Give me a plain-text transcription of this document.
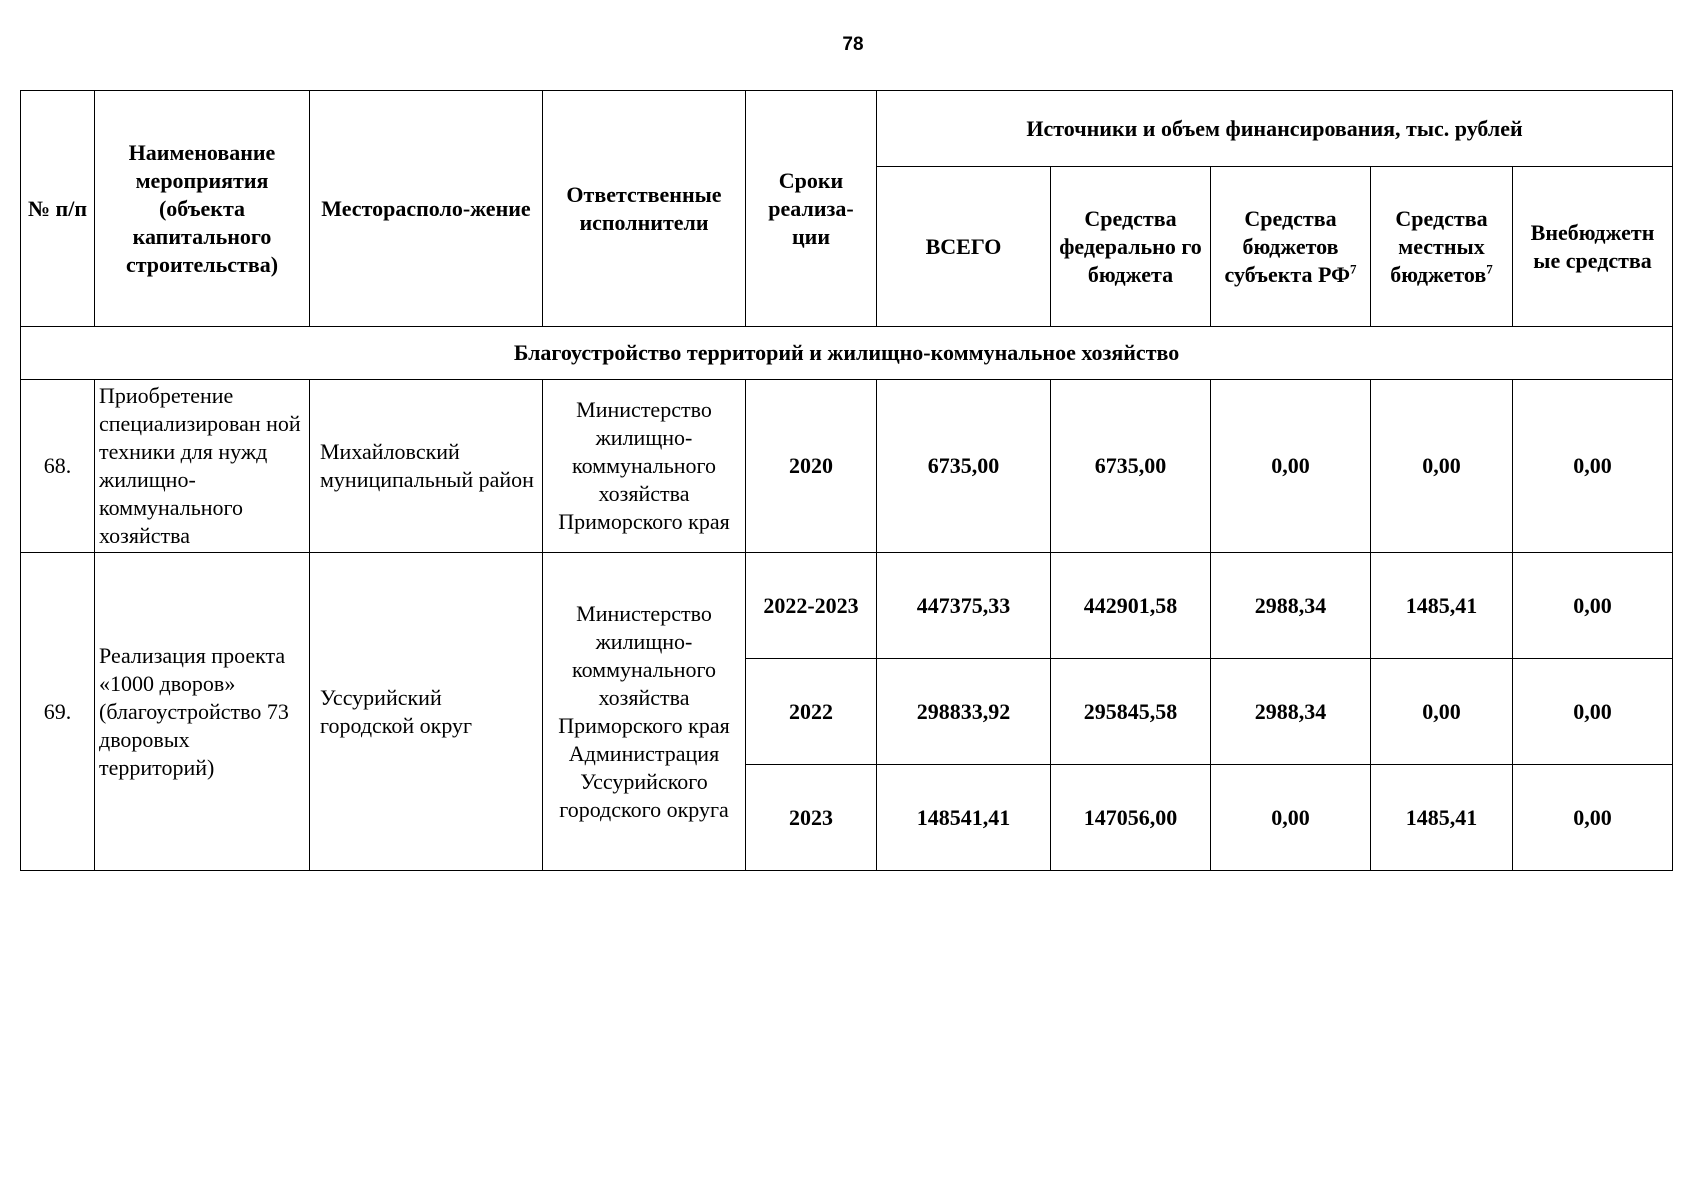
78
№ п/п	Наименование мероприятия (объекта капитального строительства)	Месторасполо-жение	Ответственные исполнители	Сроки реализа-ции	Источники и объем финансирования, тыс. рублей				
					ВСЕГО	Средства федерально го бюджета	Средства бюджетов субъекта $РФ^7$	Средства местных бюджетов$^7$	Внебюджетн ые средства
Благоустройство территорий и жилищно-коммунальное хозяйство									
68.	Приобретение специализирован ной техники для нужд жилищно-коммунального хозяйства	Михайловский муниципальный район	Министерство жилищно-коммунального хозяйства Приморского края	2020	6735,00	6735,00	0,00	0,00	0,00
69.	Реализация проекта «1000 дворов» (благоустройство 73 дворовых территорий)	Уссурийский городской округ	Министерство жилищно-коммунального хозяйства Приморского края Администрация Уссурийского городского округа	2022-2023	447375,33	442901,58	2988,34	1485,41	0,00
				2022	298833,92	295845,58	2988,34	0,00	0,00
				2023	148541,41	147056,00	0,00	1485,41	0,00
